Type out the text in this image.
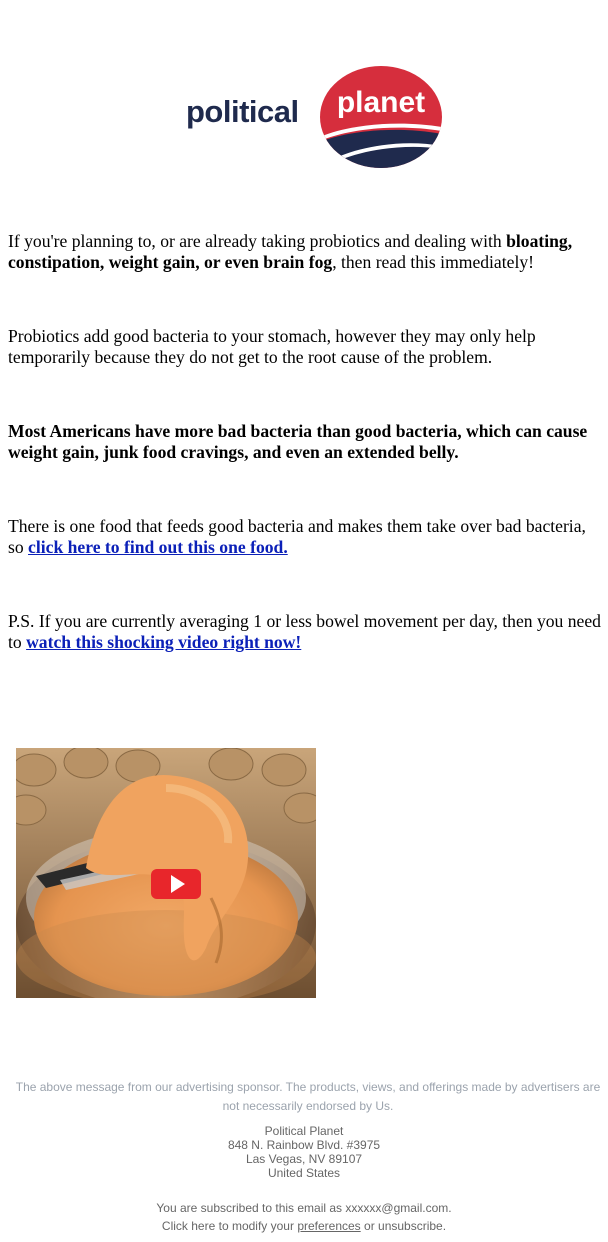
political planet

If you're planning to, or are already taking probiotics and dealing with bloating, constipation, weight gain, or even brain fog, then read this immediately!

Probiotics add good bacteria to your stomach, however they may only help temporarily because they do not get to the root cause of the problem.

Most Americans have more bad bacteria than good bacteria, which can cause weight gain, junk food cravings, and even an extended belly.

There is one food that feeds good bacteria and makes them take over bad bacteria, so click here to find out this one food.

P.S. If you are currently averaging 1 or less bowel movement per day, then you need to watch this shocking video right now!

The above message from our advertising sponsor. The products, views, and offerings made by advertisers are not necessarily endorsed by Us.
Political Planet
848 N. Rainbow Blvd. #3975
Las Vegas, NV 89107
United States
You are subscribed to this email as xxxxxx@gmail.com.
Click here to modify your preferences or unsubscribe.
